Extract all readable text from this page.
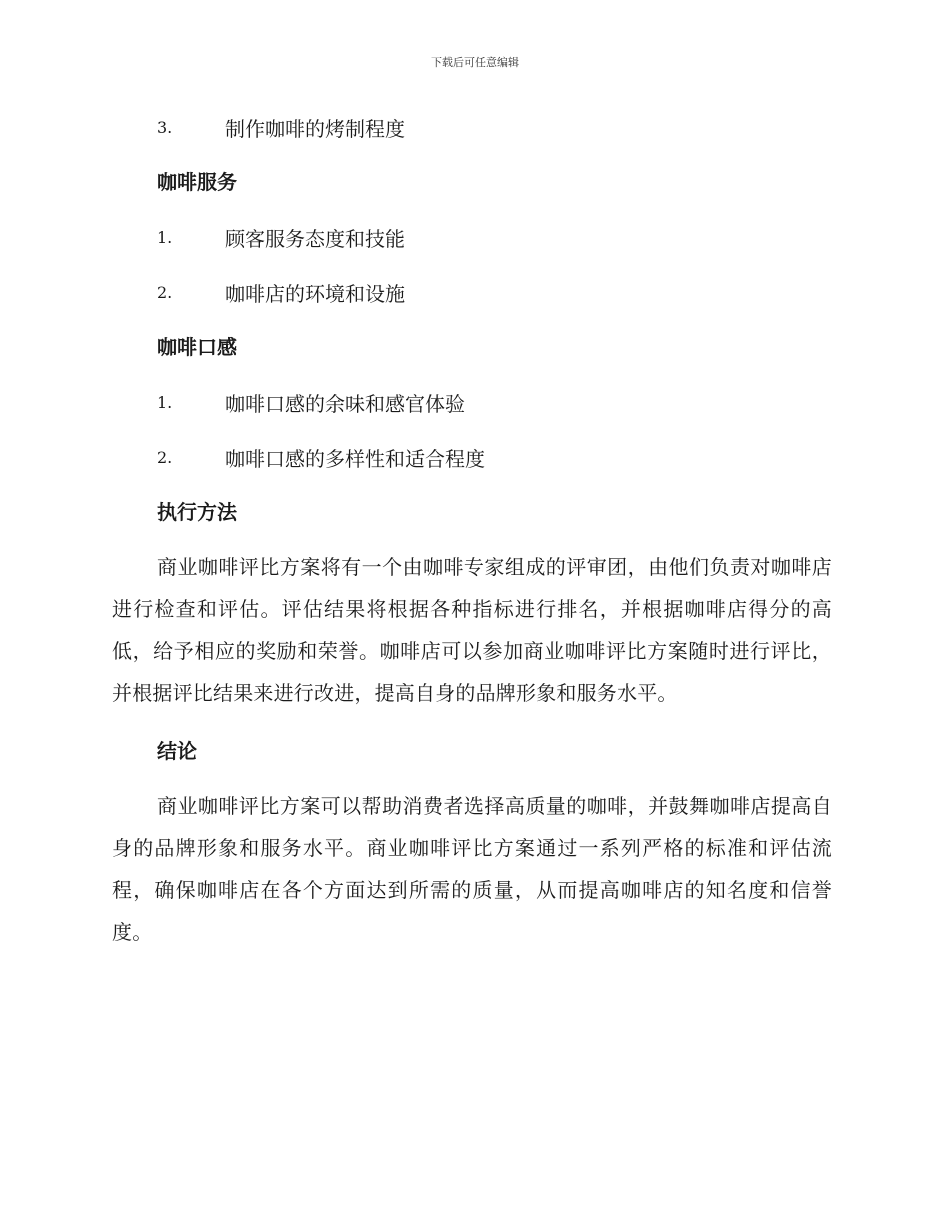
下载后可任意编辑
3.	制作咖啡的烤制程度
咖啡服务
1.	顾客服务态度和技能
2.	咖啡店的环境和设施
咖啡口感
1.	咖啡口感的余味和感官体验
2.	咖啡口感的多样性和适合程度
执行方法

商业咖啡评比方案将有一个由咖啡专家组成的评审团，由他们负责对咖啡店进行检查和评估。评估结果将根据各种指标进行排名，并根据咖啡店得分的高低，给予相应的奖励和荣誉。咖啡店可以参加商业咖啡评比方案随时进行评比，并根据评比结果来进行改进，提高自身的品牌形象和服务水平。

结论

商业咖啡评比方案可以帮助消费者选择高质量的咖啡，并鼓舞咖啡店提高自身的品牌形象和服务水平。商业咖啡评比方案通过一系列严格的标准和评估流程，确保咖啡店在各个方面达到所需的质量，从而提高咖啡店的知名度和信誉度。
